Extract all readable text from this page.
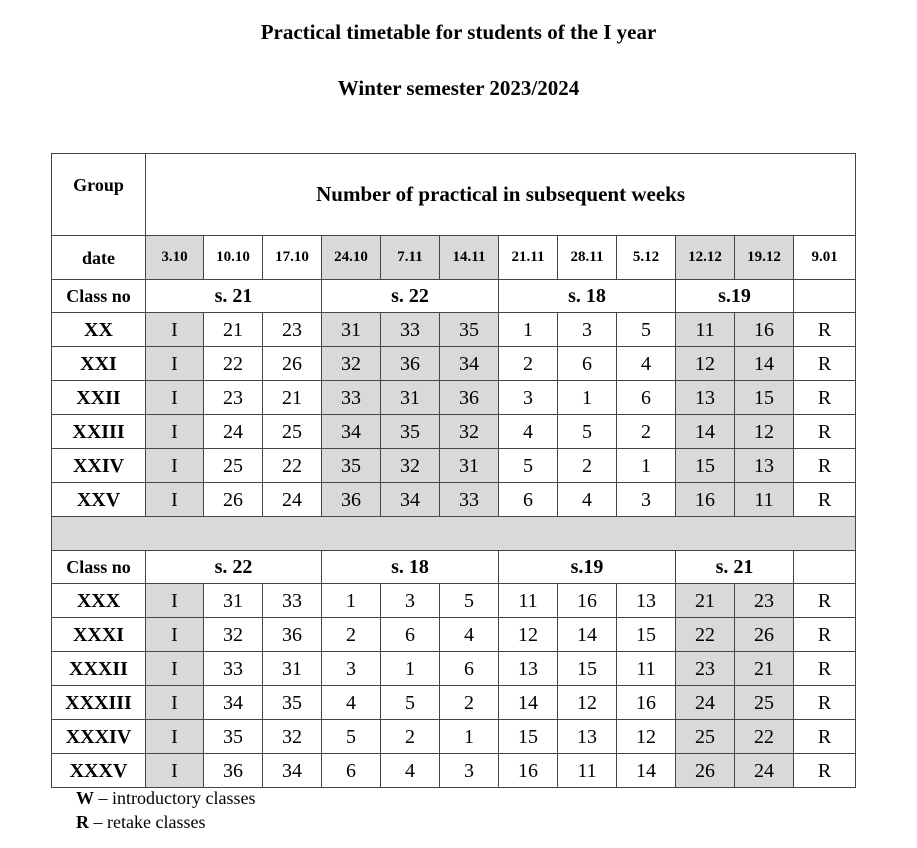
Practical timetable for students of the I year
Winter semester 2023/2024
Group	Number of practical in subsequent weeks											
date	3.10	10.10	17.10	24.10	7.11	14.11	21.11	28.11	5.12	12.12	19.12	9.01
Class no	s. 21			s. 22			s. 18			s.19		
XX	I	21	23	31	33	35	1	3	5	11	16	R
XXI	I	22	26	32	36	34	2	6	4	12	14	R
XXII	I	23	21	33	31	36	3	1	6	13	15	R
XXIII	I	24	25	34	35	32	4	5	2	14	12	R
XXIV	I	25	22	35	32	31	5	2	1	15	13	R
XXV	I	26	24	36	34	33	6	4	3	16	11	R

Class no	s. 22			s. 18			s.19			s. 21		
XXX	I	31	33	1	3	5	11	16	13	21	23	R
XXXI	I	32	36	2	6	4	12	14	15	22	26	R
XXXII	I	33	31	3	1	6	13	15	11	23	21	R
XXXIII	I	34	35	4	5	2	14	12	16	24	25	R
XXXIV	I	35	32	5	2	1	15	13	12	25	22	R
XXXV	I	36	34	6	4	3	16	11	14	26	24	R

W – introductory classes

R – retake classes
